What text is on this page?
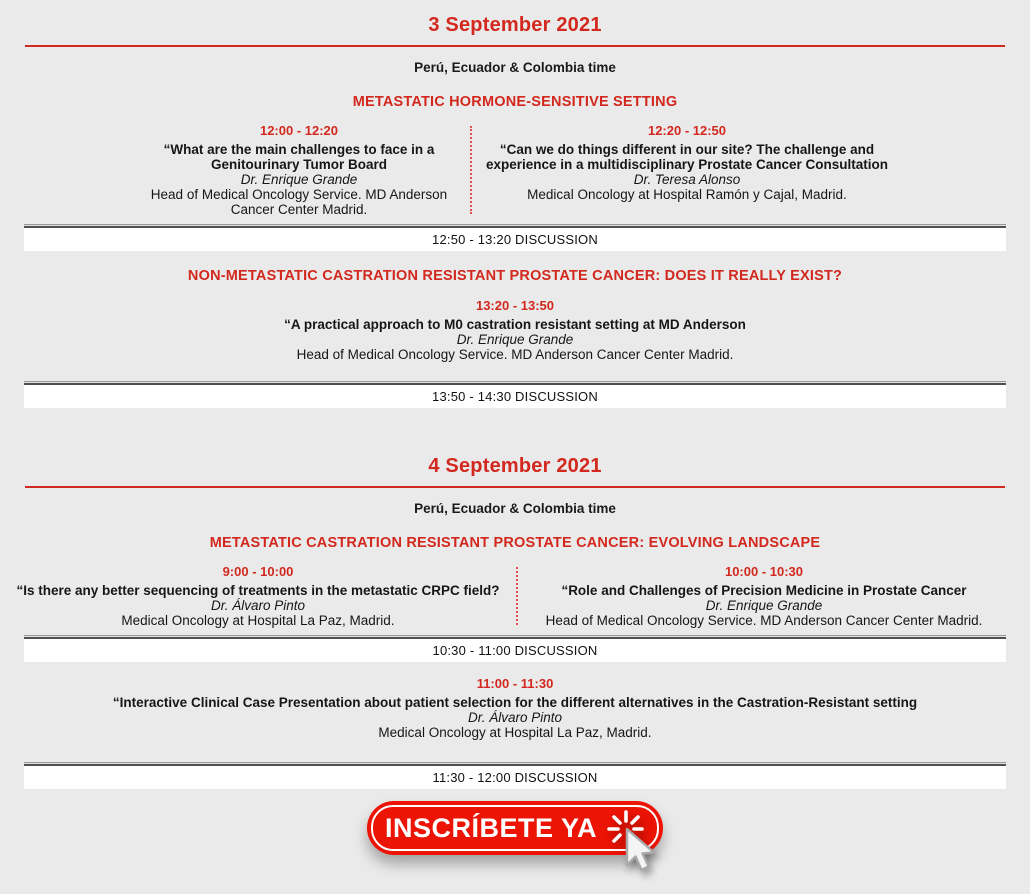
3 September 2021
Perú, Ecuador & Colombia time
METASTATIC HORMONE-SENSITIVE SETTING
12:00 - 12:20
“What are the main challenges to face in a Genitourinary Tumor Board
Dr. Enrique Grande
Head of Medical Oncology Service. MD Anderson Cancer Center Madrid.
12:20 - 12:50
“Can we do things different in our site? The challenge and experience in a multidisciplinary Prostate Cancer Consultation
Dr. Teresa Alonso
Medical Oncology at Hospital Ramón y Cajal, Madrid.
12:50 - 13:20 DISCUSSION
NON-METASTATIC CASTRATION RESISTANT PROSTATE CANCER: DOES IT REALLY EXIST?
13:20 - 13:50
“A practical approach to M0 castration resistant setting at MD Anderson
Dr. Enrique Grande
Head of Medical Oncology Service. MD Anderson Cancer Center Madrid.
13:50 - 14:30 DISCUSSION
4 September 2021
Perú, Ecuador & Colombia time
METASTATIC CASTRATION RESISTANT PROSTATE CANCER: EVOLVING LANDSCAPE
9:00 - 10:00
“Is there any better sequencing of treatments in the metastatic CRPC field?
Dr. Álvaro Pinto
Medical Oncology at Hospital La Paz, Madrid.
10:00 - 10:30
“Role and Challenges of Precision Medicine in Prostate Cancer
Dr. Enrique Grande
Head of Medical Oncology Service. MD Anderson Cancer Center Madrid.
10:30 - 11:00 DISCUSSION
11:00 - 11:30
“Interactive Clinical Case Presentation about patient selection for the different alternatives in the Castration-Resistant setting
Dr. Álvaro Pinto
Medical Oncology at Hospital La Paz, Madrid.
11:30 - 12:00 DISCUSSION
INSCRÍBETE YA
